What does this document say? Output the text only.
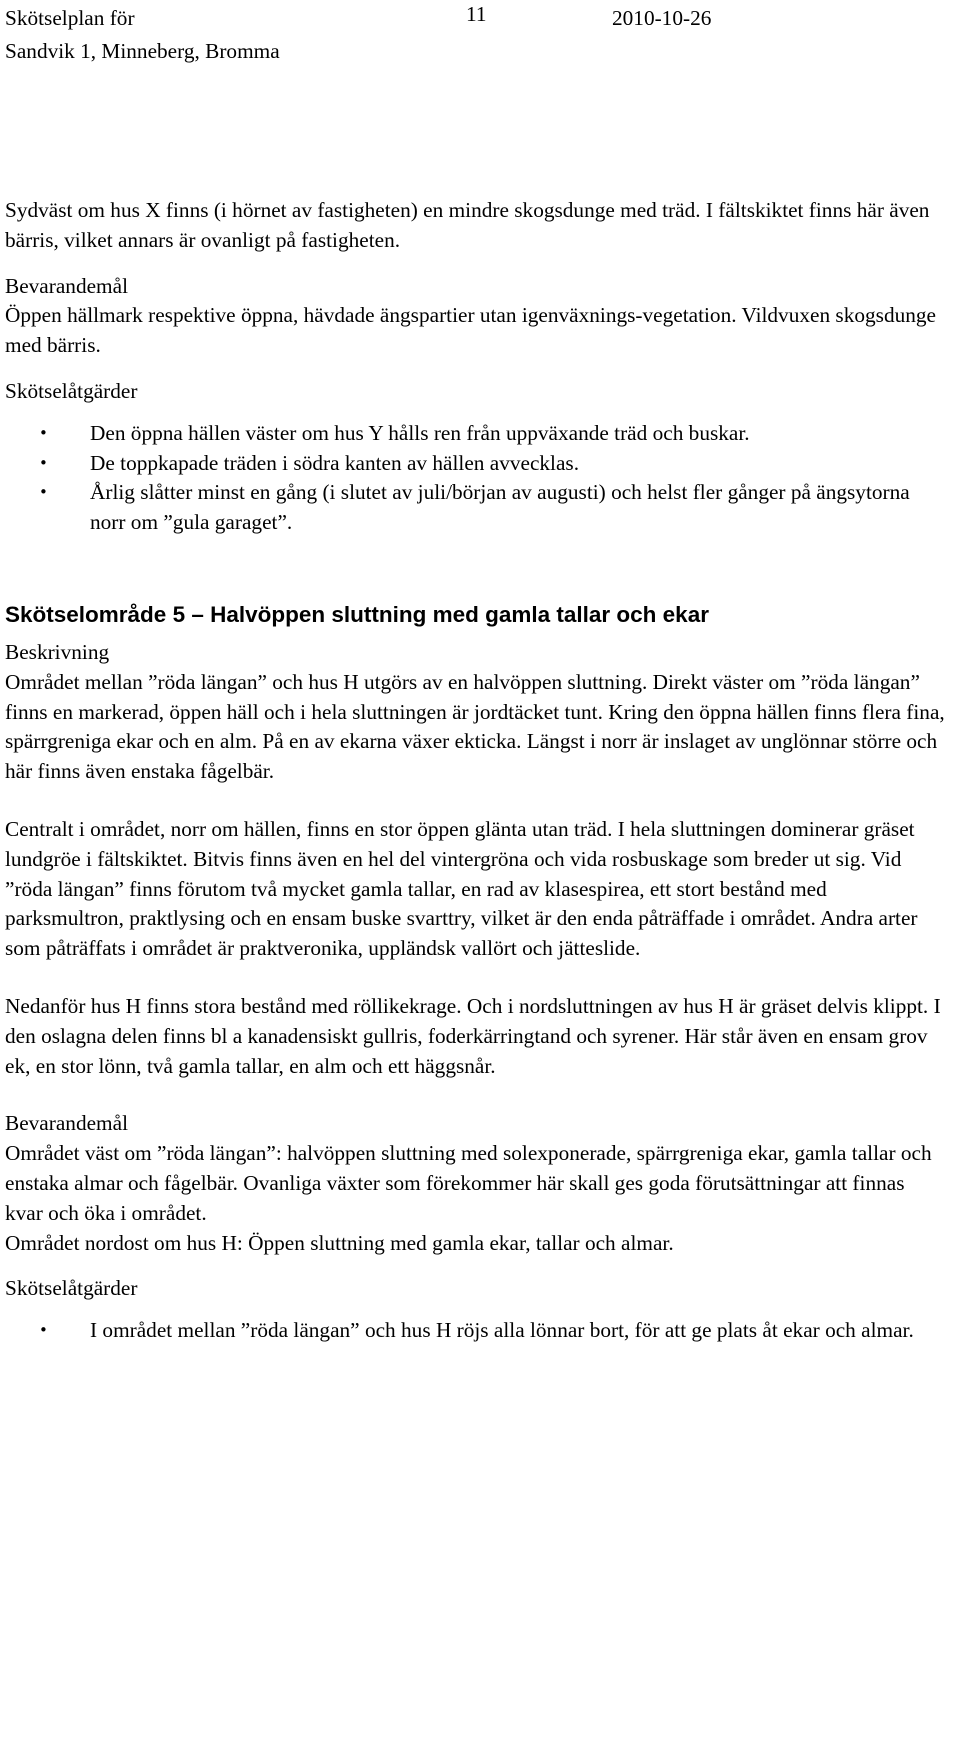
Skötselplan för
Sandvik 1, Minneberg, Bromma
11	2010-10-26

Sydväst om hus X finns (i hörnet av fastigheten) en mindre skogsdunge med träd. I fältskiktet finns här även bärris, vilket annars är ovanligt på fastigheten.

Bevarandemål

Öppen hällmark respektive öppna, hävdade ängspartier utan igenväxnings-vegetation. Vildvuxen skogsdunge med bärris.

Skötselåtgärder

• Den öppna hällen väster om hus Y hålls ren från uppväxande träd och buskar.
• De toppkapade träden i södra kanten av hällen avvecklas.
• Årlig slåtter minst en gång (i slutet av juli/början av augusti) och helst fler gånger på ängsytorna norr om ”gula garaget”.

Skötselområde 5 – Halvöppen sluttning med gamla tallar och ekar

Beskrivning

Området mellan ”röda längan” och hus H utgörs av en halvöppen sluttning. Direkt väster om ”röda längan” finns en markerad, öppen häll och i hela sluttningen är jordtäcket tunt. Kring den öppna hällen finns flera fina, spärrgreniga ekar och en alm. På en av ekarna växer ekticka. Längst i norr är inslaget av unglönnar större och här finns även enstaka fågelbär.

Centralt i området, norr om hällen, finns en stor öppen glänta utan träd. I hela sluttningen dominerar gräset lundgröe i fältskiktet. Bitvis finns även en hel del vintergröna och vida rosbuskage som breder ut sig. Vid ”röda längan” finns förutom två mycket gamla tallar, en rad av klasespirea, ett stort bestånd med parksmultron, praktlysing och en ensam buske svarttry, vilket är den enda påträffade i området. Andra arter som påträffats i området är praktveronika, uppländsk vallört och jätteslide.

Nedanför hus H finns stora bestånd med röllikekrage. Och i nordsluttningen av hus H är gräset delvis klippt. I den oslagna delen finns bl a kanadensiskt gullris, foderkärringtand och syrener. Här står även en ensam grov ek, en stor lönn, två gamla tallar, en alm och ett häggsnår.

Bevarandemål

Området väst om ”röda längan”: halvöppen sluttning med solexponerade, spärrgreniga ekar, gamla tallar och enstaka almar och fågelbär. Ovanliga växter som förekommer här skall ges goda förutsättningar att finnas kvar och öka i området.

Området nordost om hus H: Öppen sluttning med gamla ekar, tallar och almar.

Skötselåtgärder

• I området mellan ”röda längan” och hus H röjs alla lönnar bort, för att ge plats åt ekar och almar.
